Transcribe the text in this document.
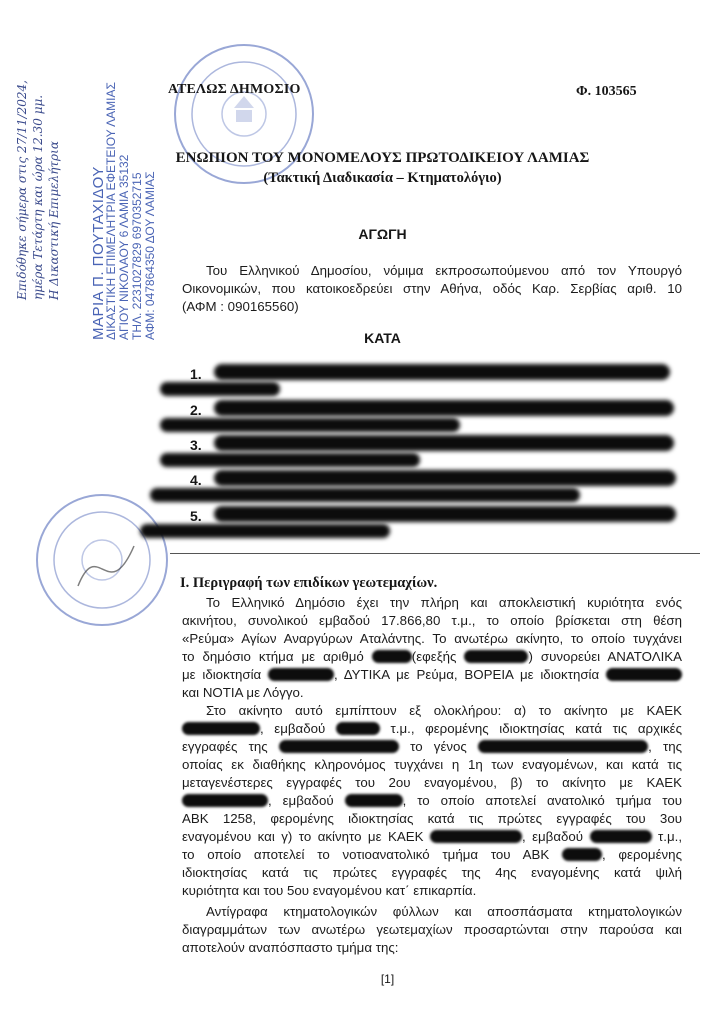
Επιδόθηκε σήμερα στις 27/11/2024, ημέρα Τετάρτη και ώρα 12.30 μμ. Η Δικαστική Επιμελήτρια ΜΑΡΙΑ Π. ΠΟΥΤΑΧΙΔΟΥ
ΔΙΚΑΣΤΙΚΗ ΕΠΙΜΕΛΗΤΡΙΑ ΕΦΕΤΕΙΟΥ ΛΑΜΙΑΣ ΑΓΙΟΥ ΝΙΚΟΛΑΟΥ 6 ΛΑΜΙΑ 35132 ΤΗΛ. 2231027829 6970352715 ΑΦΜ: 047864350 ΔΟΥ ΛΑΜΙΑΣ
ΑΤΕΛΩΣ ΔΗΜΟΣΙΟ	Φ. 103565
ΕΝΩΠΙΟΝ ΤΟΥ ΜΟΝΟΜΕΛΟΥΣ ΠΡΩΤΟΔΙΚΕΙΟΥ ΛΑΜΙΑΣ
(Τακτική Διαδικασία – Κτηματολόγιο)
ΑΓΩΓΗ
Του Ελληνικού Δημοσίου, νόμιμα εκπροσωπούμενου από τον Υπουργό
Οικονομικών, που κατοικοεδρεύει στην Αθήνα, οδός Καρ. Σερβίας αριθ. 10
(ΑΦΜ : 090165560)
ΚΑΤΑ
1.
2.
3.
4.
5.
Ι. Περιγραφή των επιδίκων γεωτεμαχίων.
Το Ελληνικό Δημόσιο έχει την πλήρη και αποκλειστική κυριότητα ενός
ακινήτου, συνολικού εμβαδού 17.866,80 τ.μ., το οποίο βρίσκεται στη θέση
«Ρεύμα» Αγίων Αναργύρων Αταλάντης. Το ανωτέρω ακίνητο, το οποίο τυγχάνει
το δημόσιο κτήμα με αριθμό	(εφεξής	) συνορεύει ΑΝΑΤΟΛΙΚΑ
με ιδιοκτησία	, ΔΥΤΙΚΑ με Ρεύμα, ΒΟΡΕΙΑ με ιδιοκτησία
και ΝΟΤΙΑ με Λόγγο.
Στο ακίνητο αυτό εμπίπτουν εξ ολοκλήρου: α) το ακίνητο με ΚΑΕΚ
, εμβαδού	τ.μ., φερομένης ιδιοκτησίας κατά τις αρχικές
εγγραφές της	το γένος	, της
οποίας εκ διαθήκης κληρονόμος τυγχάνει η 1η των εναγομένων, και κατά τις
μεταγενέστερες εγγραφές του 2ου εναγομένου, β) το ακίνητο με ΚΑΕΚ
, εμβαδού	, το οποίο αποτελεί ανατολικό τμήμα του
ΑΒΚ 1258, φερομένης ιδιοκτησίας κατά τις πρώτες εγγραφές του 3ου
εναγομένου και γ) το ακίνητο με ΚΑΕΚ	, εμβαδού	τ.μ.,
το οποίο αποτελεί το νοτιοανατολικό τμήμα του ΑΒΚ	, φερομένης
ιδιοκτησίας κατά τις πρώτες εγγραφές της 4ης εναγομένης κατά ψιλή
κυριότητα και του 5ου εναγομένου κατ΄ επικαρπία.
Αντίγραφα κτηματολογικών φύλλων και αποσπάσματα κτηματολογικών
διαγραμμάτων των ανωτέρω γεωτεμαχίων προσαρτώνται στην παρούσα και
αποτελούν αναπόσπαστο τμήμα της:
[1]
